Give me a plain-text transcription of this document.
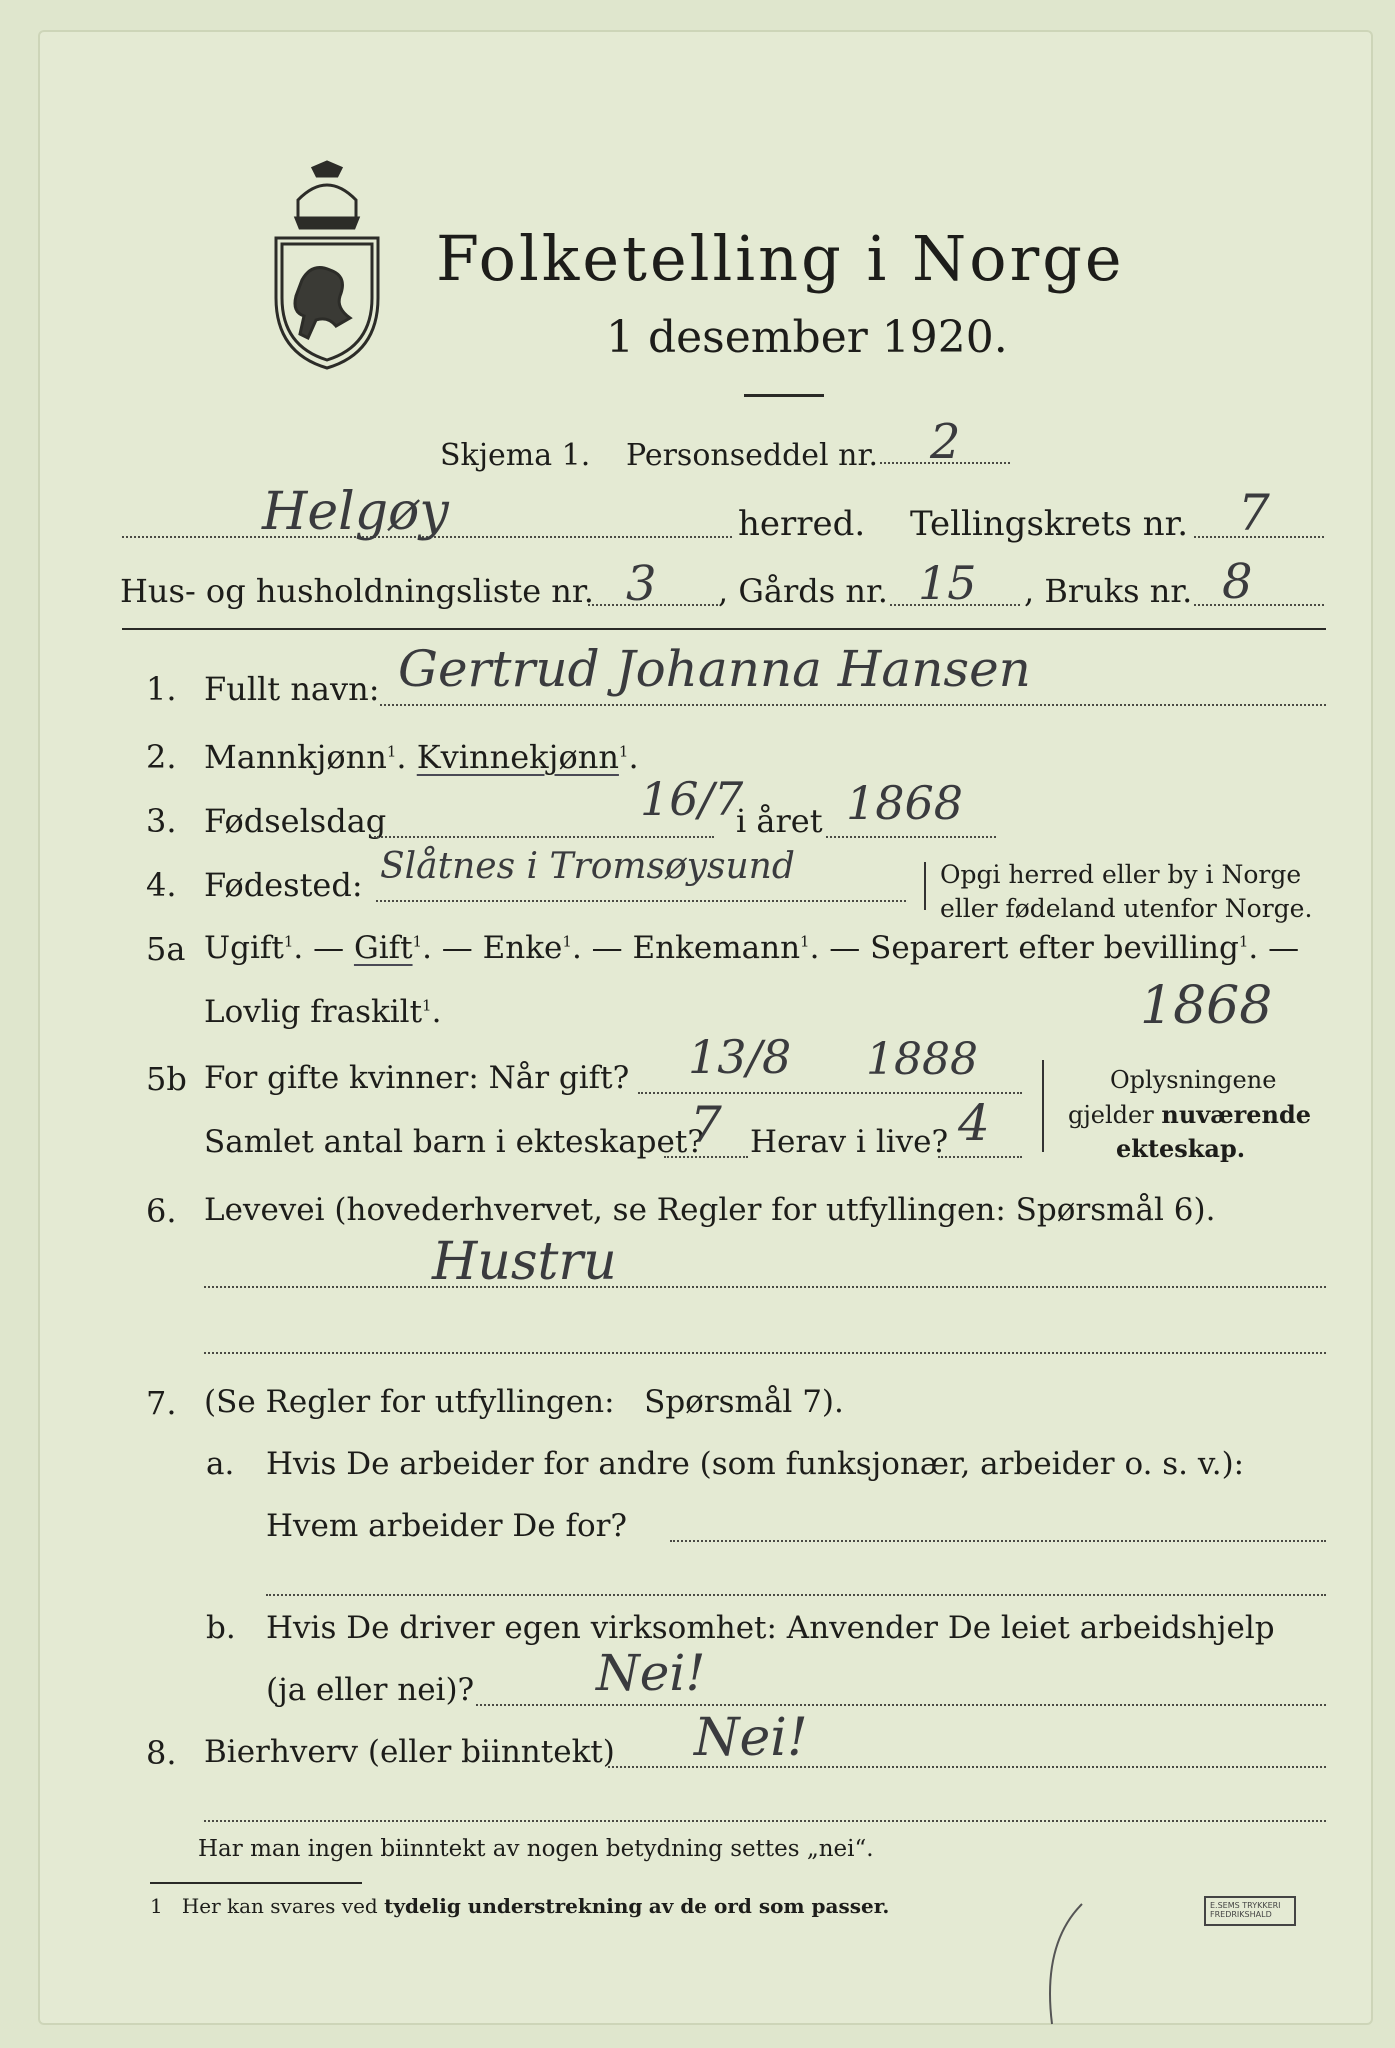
Folketelling i Norge
1 desember 1920.
Skjema 1. Personseddel nr. 2
Helgøy	herred. Tellingskrets nr. 7
Hus- og husholdningsliste nr. 3 , Gårds nr. 15 , Bruks nr. 8
1. Fullt navn: Gertrud Johanna Hansen
2. Mannkjønn$^1$. Kvinnekjønn$^1$.
3. Fødselsdag	16/7
i året 1868
4. Fødested: Slåtnes i Tromsøysund	Opgi herred eller by i Norge
eller fødeland utenfor Norge.
5a Ugift$^1$. — Gift$^1$. — Enke$^1$. — Enkemann$^1$. — Separert efter bevilling$^1$. —
Lovlig fraskilt$^1$.	1868
5b For gifte kvinner: Når gift? 13/8 1888
Samlet antal barn i ekteskapet?
7 Herav i live? 4
Oplysningene
gjelder nuværende
ekteskap.
6. Levevei (hovederhvervet, se Regler for utfyllingen: Spørsmål 6).
Hustru
7. (Se Regler for utfyllingen:   Spørsmål 7).
a. Hvis De arbeider for andre (som funksjonær, arbeider o. s. v.):
Hvem arbeider De for?
b. Hvis De driver egen virksomhet: Anvender De leiet arbeidshjelp
(ja eller nei)? Nei!
8. Bierhverv (eller biinntekt) Nei!
Har man ingen biinntekt av nogen betydning settes „nei“.
1 Her kan svares ved tydelig understrekning av de ord som passer.	E.SEMS TRYKKERI
FREDRIKSHALD
